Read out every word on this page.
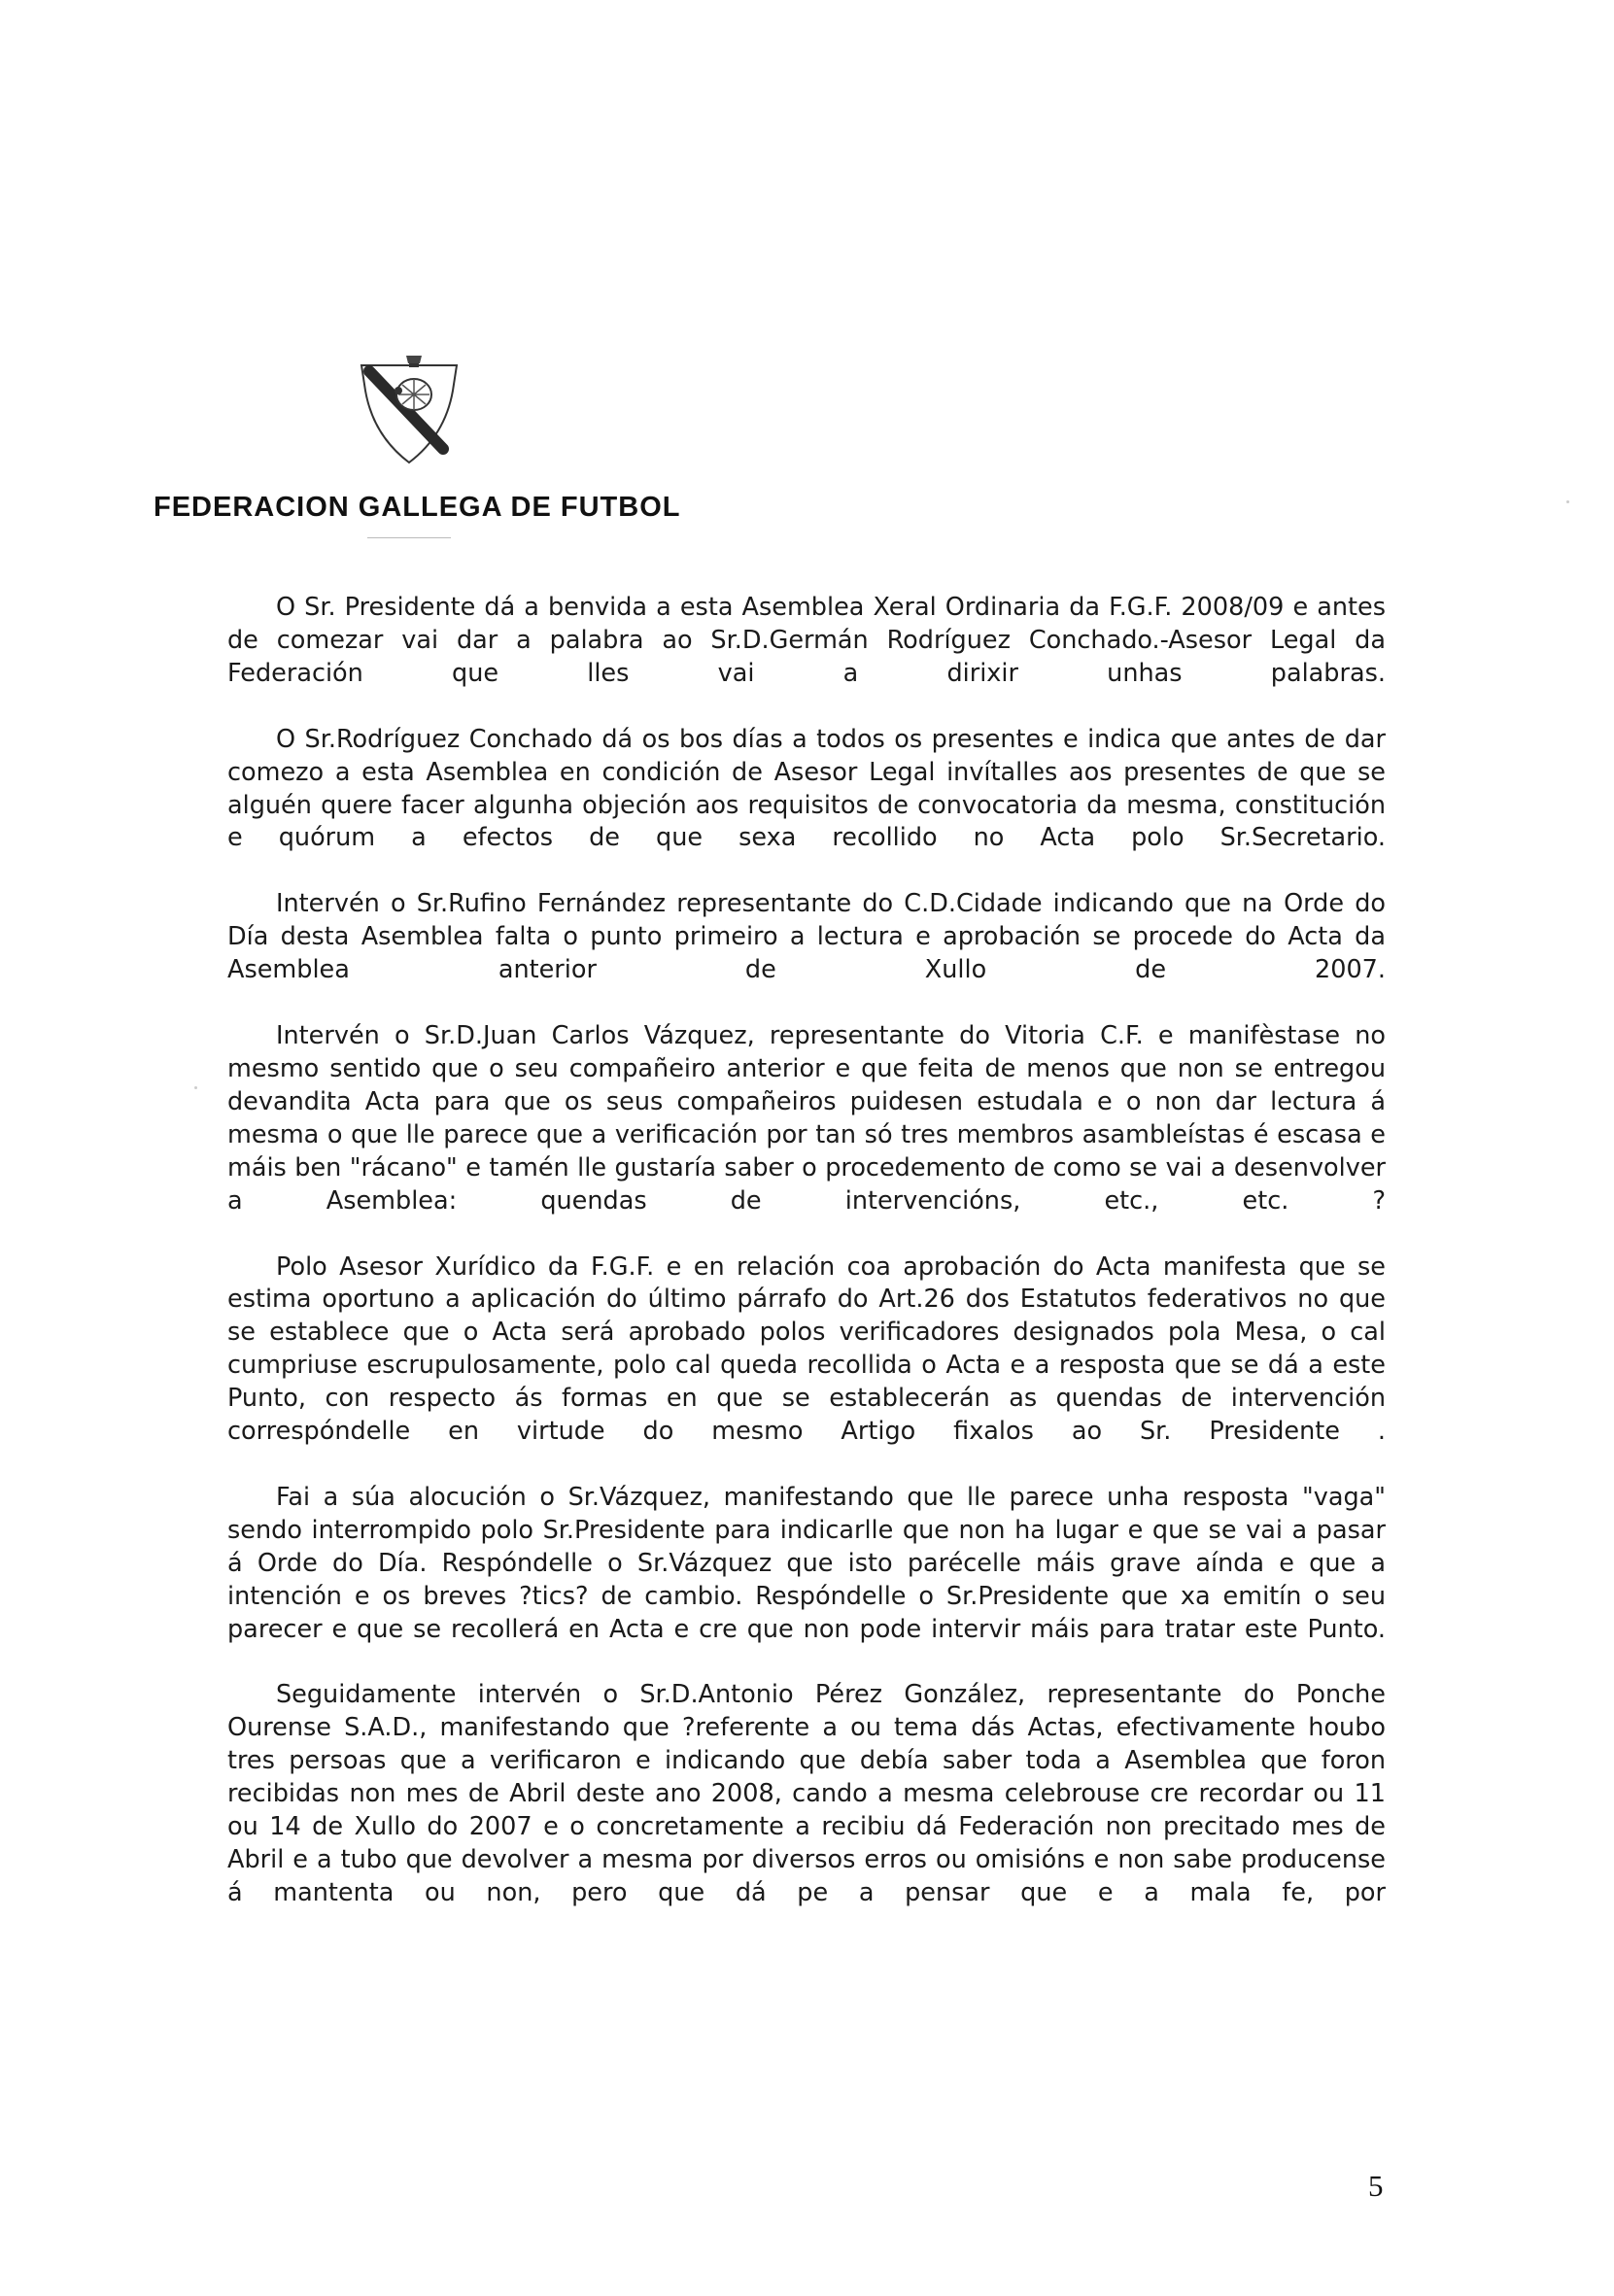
FEDERACION GALLEGA DE FUTBOL

O Sr. Presidente dá a benvida a esta Asemblea Xeral Ordinaria da F.G.F. 2008/09 e antes de comezar vai dar a palabra ao Sr.D.Germán Rodríguez Conchado.-Asesor Legal da Federación que lles vai a dirixir unhas palabras.

O Sr.Rodríguez Conchado dá os bos días a todos os presentes e indica que antes de dar comezo a esta Asemblea en condición de Asesor Legal invítalles aos presentes de que se alguén quere facer algunha objeción aos requisitos de convocatoria da mesma, constitución e quórum a efectos de que sexa recollido no Acta polo Sr.Secretario.

Intervén o Sr.Rufino Fernández representante do C.D.Cidade indicando que na Orde do Día desta Asemblea falta o punto primeiro a lectura e aprobación se procede do Acta da Asemblea anterior de Xullo de 2007.

Intervén o Sr.D.Juan Carlos Vázquez, representante do Vitoria C.F. e manifèstase no mesmo sentido que o seu compañeiro anterior e que feita de menos que non se entregou devandita Acta para que os seus compañeiros puidesen estudala e o non dar lectura á mesma o que lle parece que a verificación por tan só tres membros asambleístas é escasa e máis ben "rácano" e tamén lle gustaría saber o procedemento de como se vai a desenvolver a Asemblea: quendas de intervencións, etc., etc. ?

Polo Asesor Xurídico da F.G.F. e en relación coa aprobación do Acta manifesta que se estima oportuno a aplicación do último párrafo do Art.26 dos Estatutos federativos no que se establece que o Acta será aprobado polos verificadores designados pola Mesa, o cal cumpriuse escrupulosamente, polo cal queda recollida o Acta e a resposta que se dá a este Punto, con respecto ás formas en que se establecerán as quendas de intervención correspóndelle en virtude do mesmo Artigo fixalos ao Sr. Presidente .

Fai a súa alocución o Sr.Vázquez, manifestando que lle parece unha resposta "vaga" sendo interrompido polo Sr.Presidente para indicarlle que non ha lugar e que se vai a pasar á Orde do Día. Respóndelle o Sr.Vázquez que isto parécelle máis grave aínda e que a intención e os breves ?tics? de cambio. Respóndelle o Sr.Presidente que xa emitín o seu parecer e que se recollerá en Acta e cre que non pode intervir máis para tratar este Punto.

Seguidamente intervén o Sr.D.Antonio Pérez González, representante do Ponche Ourense S.A.D., manifestando que ?referente a ou tema dás Actas, efectivamente houbo tres persoas que a verificaron e indicando que debía saber toda a Asemblea que foron recibidas non mes de Abril deste ano 2008, cando a mesma celebrouse cre recordar ou 11 ou 14 de Xullo do 2007 e o concretamente a recibiu dá Federación non precitado mes de Abril e a tubo que devolver a mesma por diversos erros ou omisións e non sabe producense á mantenta ou non, pero que dá pe a pensar que e a mala fe, por

5
